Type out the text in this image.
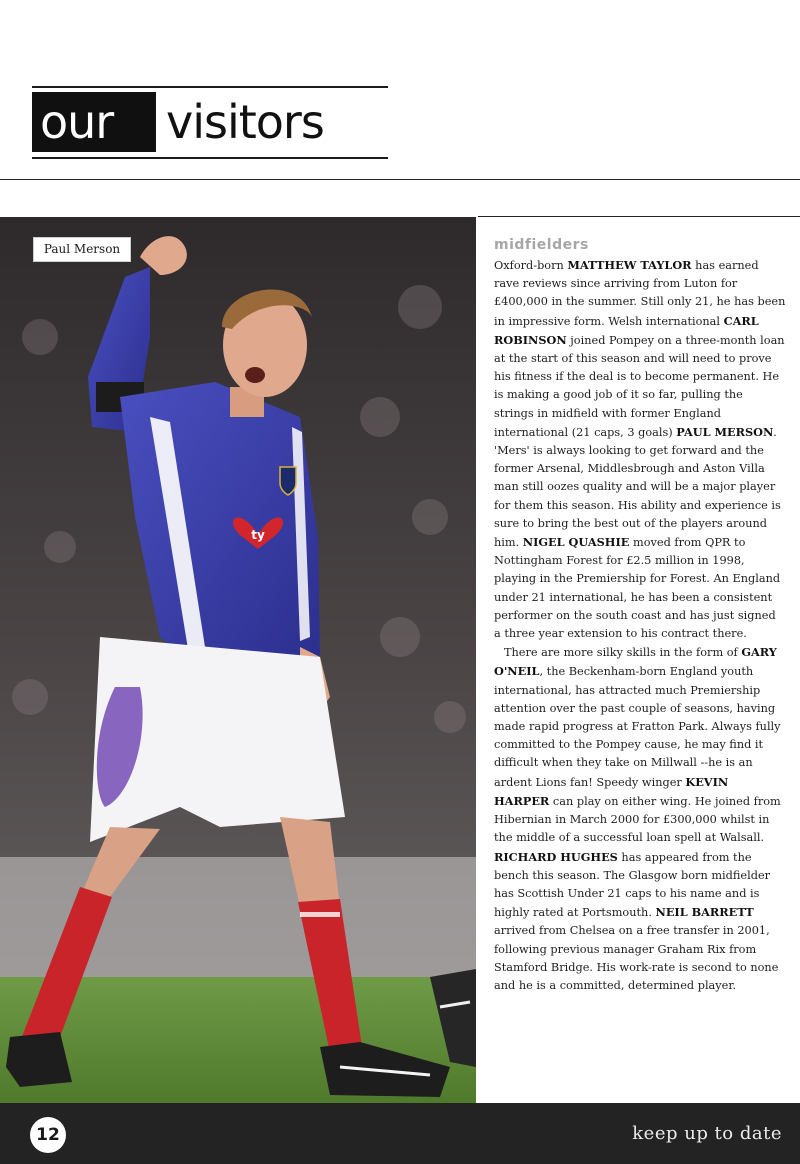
our visitors
ty
Paul Merson	midfielders

Oxford-born MATTHEW TAYLOR has earned rave reviews since arriving from Luton for £400,000 in the summer. Still only 21, he has been in impressive form. Welsh international CARL ROBINSON joined Pompey on a three-month loan at the start of this season and will need to prove his fitness if the deal is to become permanent. He is making a good job of it so far, pulling the strings in midfield with former England international (21 caps, 3 goals) PAUL MERSON. 'Mers' is always looking to get forward and the former Arsenal, Middlesbrough and Aston Villa man still oozes quality and will be a major player for them this season. His ability and experience is sure to bring the best out of the players around him. NIGEL QUASHIE moved from QPR to Nottingham Forest for £2.5 million in 1998, playing in the Premiership for Forest. An England under 21 international, he has been a consistent performer on the south coast and has just signed a three year extension to his contract there.

There are more silky skills in the form of GARY O'NEIL, the Beckenham-born England youth international, has attracted much Premiership attention over the past couple of seasons, having made rapid progress at Fratton Park. Always fully committed to the Pompey cause, he may find it difficult when they take on Millwall --he is an ardent Lions fan! Speedy winger KEVIN HARPER can play on either wing. He joined from Hibernian in March 2000 for £300,000 whilst in the middle of a successful loan spell at Walsall. RICHARD HUGHES has appeared from the bench this season. The Glasgow born midfielder has Scottish Under 21 caps to his name and is highly rated at Portsmouth. NEIL BARRETT arrived from Chelsea on a free transfer in 2001, following previous manager Graham Rix from Stamford Bridge. His work-rate is second to none and he is a committed, determined player.

12	keep up to date
